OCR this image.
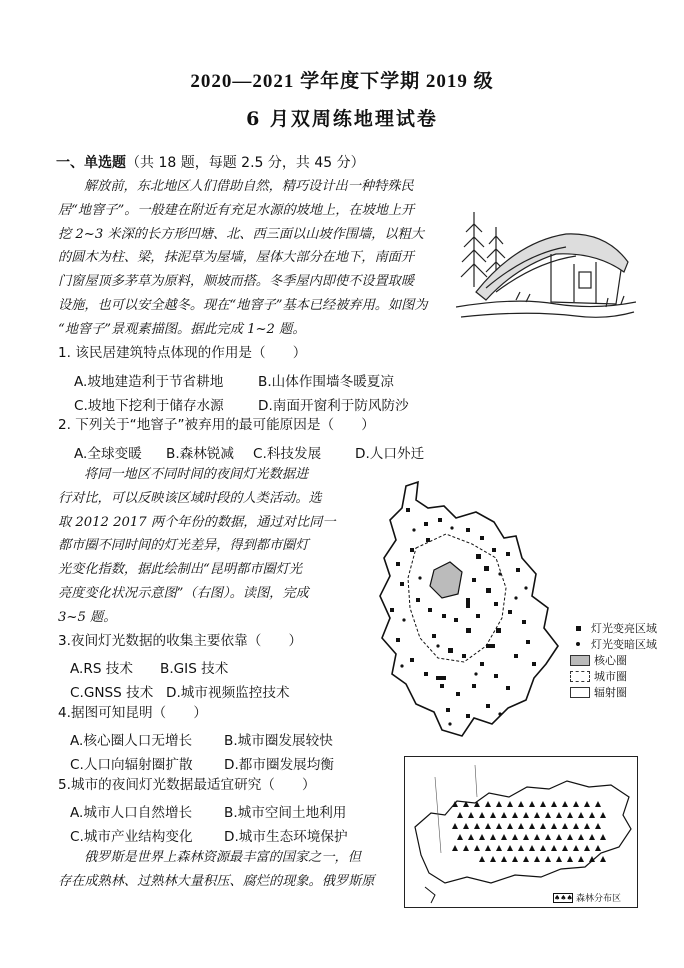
2020—2021 学年度下学期 2019 级
6 月双周练地理试卷
一、单选题（共 18 题，每题 2.5 分，共 45 分）
解放前，东北地区人们借助自然，精巧设计出一种特殊民
居“地窨子”。一般建在附近有充足水源的坡地上，在坡地上开
挖 2~3 米深的长方形凹塘、北、西三面以山坡作围墙，以粗大
的圆木为柱、梁，抹泥草为屋墙，屋体大部分在地下，南面开
门窗屋顶多茅草为原料，顺坡而搭。冬季屋内即使不设置取暖
设施，也可以安全越冬。现在“地窨子”基本已经被弃用。如图为
“地窨子”景观素描图。据此完成 1~2 题。
1. 该民居建筑特点体现的作用是（　　）
A.坡地建造利于节省耕地	B.山体作围墙冬暖夏凉
C.坡地下挖利于储存水源	D.南面开窗利于防风防沙
2. 下列关于“地窨子”被弃用的最可能原因是（　　）
A.全球变暖 B.森林锐减 C.科技发展 D.人口外迁
将同一地区不同时间的夜间灯光数据进
行对比，可以反映该区域时段的人类活动。选
取 2012 2017 两个年份的数据，通过对比同一
都市圈不同时间的灯光差异，得到都市圈灯
光变化指数，据此绘制出“昆明都市圈灯光
亮度变化状况示意图”（右图）。读图，完成
3~5 题。
灯光变亮区域
灯光变暗区域
核心圈
城市圈
辐射圈
3.夜间灯光数据的收集主要依靠（　　）
A.RS 技术 B.GIS 技术
C.GNSS 技术 D.城市视频监控技术
4.据图可知昆明（　　）
A.核心圈人口无增长 B.城市圈发展较快
C.人口向辐射圈扩散 D.都市圈发展均衡
5.城市的夜间灯光数据最适宜研究（　　）
A.城市人口自然增长 B.城市空间土地利用
C.城市产业结构变化 D.城市生态环境保护
俄罗斯是世界上森林资源最丰富的国家之一，但
存在成熟林、过熟林大量积压、腐烂的现象。俄罗斯原
♠♠♠ 森林分布区
